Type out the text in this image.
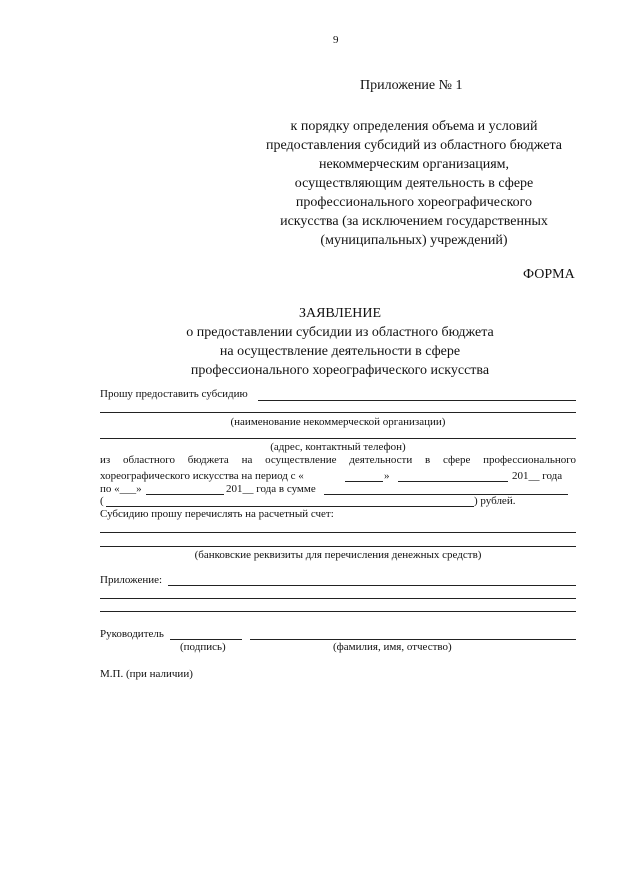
9
Приложение № 1
к порядку определения объема и условий
предоставления субсидий из областного бюджета
некоммерческим организациям,
осуществляющим деятельность в сфере
профессионального хореографического
искусства (за исключением государственных
(муниципальных) учреждений)
ФОРМА
ЗАЯВЛЕНИЕ
о предоставлении субсидии из областного бюджета
на осуществление деятельности в сфере
профессионального хореографического искусства
Прошу предоставить субсидию
(наименование некоммерческой организации)
(адрес, контактный телефон)
из областного бюджета на осуществление деятельности в сфере профессионального
хореографического искусства на период с «	»	201__ года
по «___»	201__ года в сумме
(	) рублей.
Субсидию прошу перечислять на расчетный счет:
(банковские реквизиты для перечисления денежных средств)
Приложение:
Руководитель
(подпись)	(фамилия, имя, отчество)
М.П. (при наличии)
